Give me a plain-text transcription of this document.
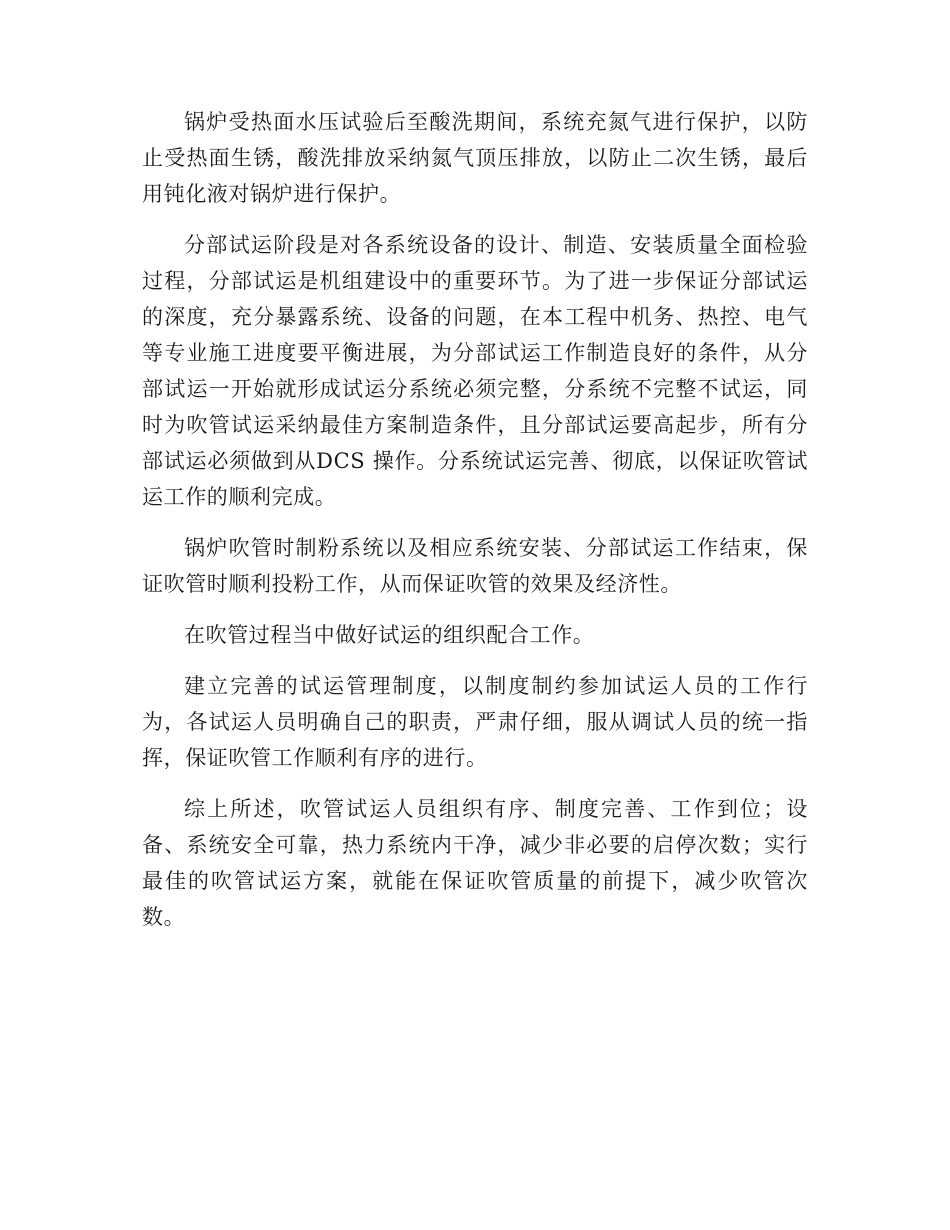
锅炉受热面水压试验后至酸洗期间，系统充氮气进行保护，以防止受热面生锈，酸洗排放采纳氮气顶压排放，以防止二次生锈，最后用钝化液对锅炉进行保护。

分部试运阶段是对各系统设备的设计、制造、安装质量全面检验过程，分部试运是机组建设中的重要环节。为了进一步保证分部试运的深度，充分暴露系统、设备的问题，在本工程中机务、热控、电气等专业施工进度要平衡进展，为分部试运工作制造良好的条件，从分部试运一开始就形成试运分系统必须完整，分系统不完整不试运，同时为吹管试运采纳最佳方案制造条件，且分部试运要高起步，所有分部试运必须做到从DCS 操作。分系统试运完善、彻底，以保证吹管试运工作的顺利完成。

锅炉吹管时制粉系统以及相应系统安装、分部试运工作结束，保证吹管时顺利投粉工作，从而保证吹管的效果及经济性。

在吹管过程当中做好试运的组织配合工作。

建立完善的试运管理制度，以制度制约参加试运人员的工作行为，各试运人员明确自己的职责，严肃仔细，服从调试人员的统一指挥，保证吹管工作顺利有序的进行。

综上所述，吹管试运人员组织有序、制度完善、工作到位；设备、系统安全可靠，热力系统内干净，减少非必要的启停次数；实行最佳的吹管试运方案，就能在保证吹管质量的前提下，减少吹管次数。
